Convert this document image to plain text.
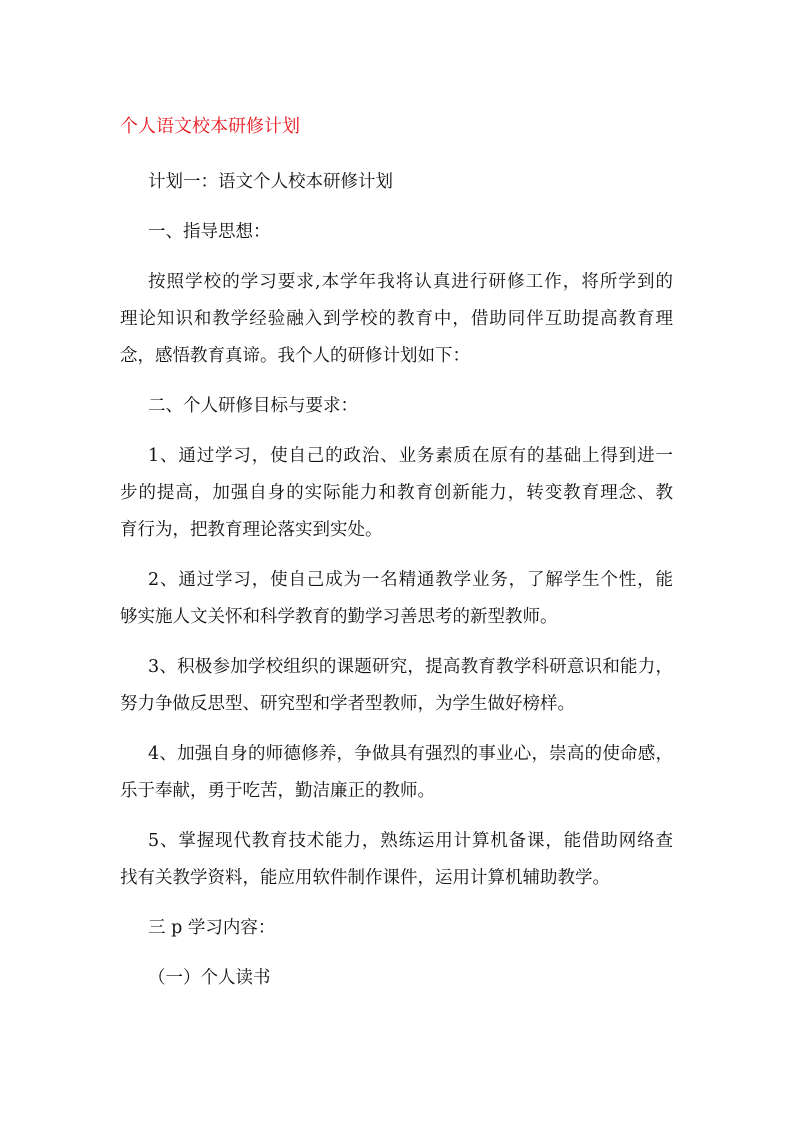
个人语文校本研修计划
计划一：语文个人校本研修计划
一、指导思想：
按照学校的学习要求,本学年我将认真进行研修工作，将所学到的
理论知识和教学经验融入到学校的教育中，借助同伴互助提高教育理
念，感悟教育真谛。我个人的研修计划如下：
二、个人研修目标与要求：
1、通过学习，使自己的政治、业务素质在原有的基础上得到进一
步的提高，加强自身的实际能力和教育创新能力，转变教育理念、教
育行为，把教育理论落实到实处。
2、通过学习，使自己成为一名精通教学业务，了解学生个性，能
够实施人文关怀和科学教育的勤学习善思考的新型教师。
3、积极参加学校组织的课题研究，提高教育教学科研意识和能力，
努力争做反思型、研究型和学者型教师，为学生做好榜样。
4、加强自身的师德修养，争做具有强烈的事业心，崇高的使命感，
乐于奉献，勇于吃苦，勤洁廉正的教师。
5、掌握现代教育技术能力，熟练运用计算机备课，能借助网络查
找有关教学资料，能应用软件制作课件，运用计算机辅助教学。
三 p 学习内容：
（一）个人读书
